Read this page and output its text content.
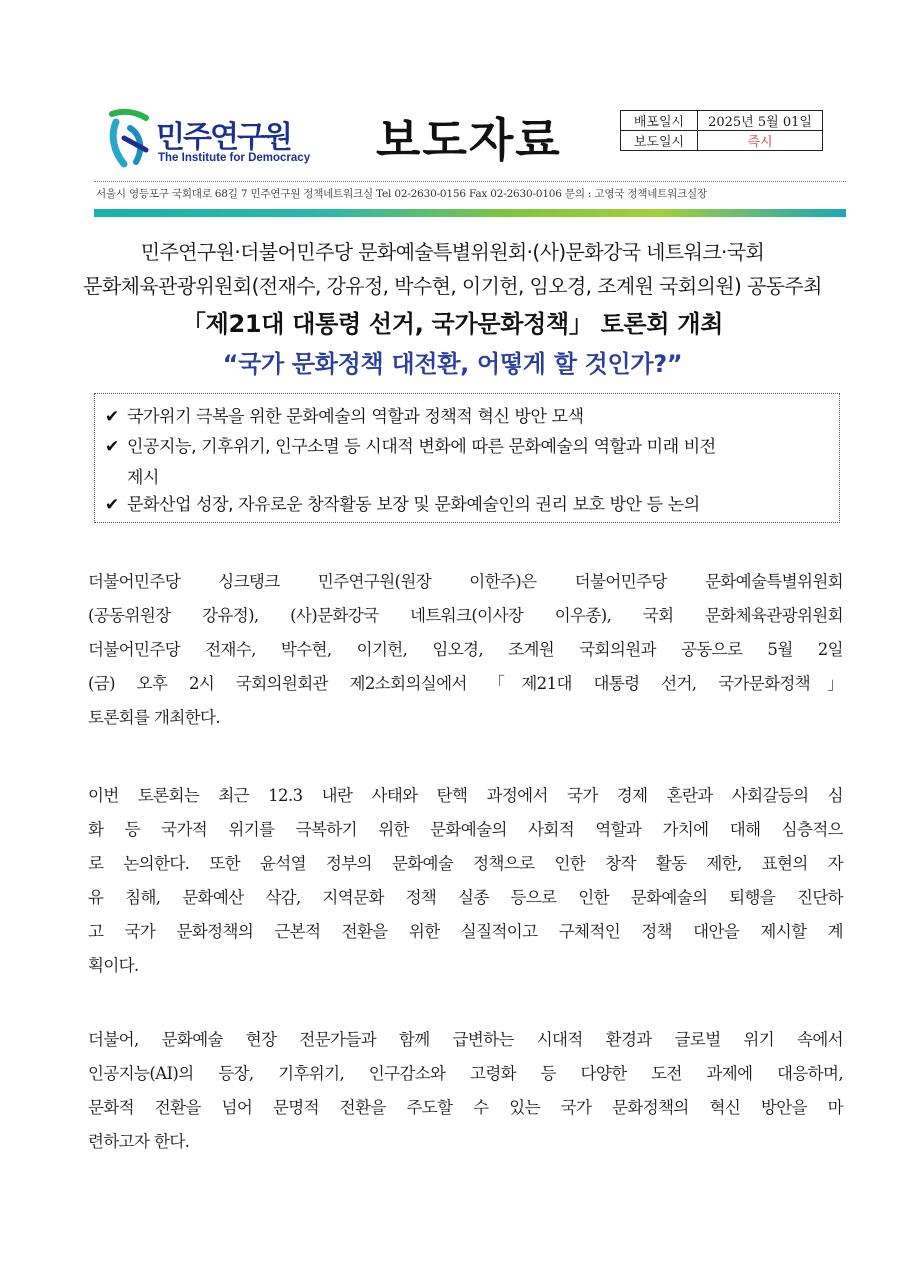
민주연구원
The Institute for Democracy 보도자료	배포일시	2025년 5월 01일
보도일시	즉시
서울시 영등포구 국회대로 68길 7 민주연구원 정책네트워크실 Tel 02-2630-0156 Fax 02-2630-0106 문의 : 고영국 정책네트워크실장
민주연구원·더불어민주당 문화예술특별위원회·(사)문화강국 네트워크·국회
문화체육관광위원회(전재수, 강유정, 박수현, 이기헌, 임오경, 조계원 국회의원) 공동주최
「제21대 대통령 선거, 국가문화정책」 토론회 개최
“국가 문화정책 대전환, 어떻게 할 것인가?”
✔ 국가위기 극복을 위한 문화예술의 역할과 정책적 혁신 방안 모색
✔ 인공지능, 기후위기, 인구소멸 등 시대적 변화에 따른 문화예술의 역할과 미래 비전
제시
✔ 문화산업 성장, 자유로운 창작활동 보장 및 문화예술인의 권리 보호 방안 등 논의
더불어민주당 싱크탱크 민주연구원(원장 이한주)은 더불어민주당 문화예술특별위원회
(공동위원장 강유정), (사)문화강국 네트워크(이사장 이우종), 국회 문화체육관광위원회
더불어민주당 전재수, 박수현, 이기헌, 임오경, 조계원 국회의원과 공동으로 5월 2일
(금) 오후 2시 국회의원회관 제2소회의실에서 「제21대 대통령 선거, 국가문화정책」
토론회를 개최한다.
이번 토론회는 최근 12.3 내란 사태와 탄핵 과정에서 국가 경제 혼란과 사회갈등의 심
화 등 국가적 위기를 극복하기 위한 문화예술의 사회적 역할과 가치에 대해 심층적으
로 논의한다. 또한 윤석열 정부의 문화예술 정책으로 인한 창작 활동 제한, 표현의 자
유 침해, 문화예산 삭감, 지역문화 정책 실종 등으로 인한 문화예술의 퇴행을 진단하
고 국가 문화정책의 근본적 전환을 위한 실질적이고 구체적인 정책 대안을 제시할 계
획이다.
더불어, 문화예술 현장 전문가들과 함께 급변하는 시대적 환경과 글로벌 위기 속에서
인공지능(AI)의 등장, 기후위기, 인구감소와 고령화 등 다양한 도전 과제에 대응하며,
문화적 전환을 넘어 문명적 전환을 주도할 수 있는 국가 문화정책의 혁신 방안을 마
련하고자 한다.
